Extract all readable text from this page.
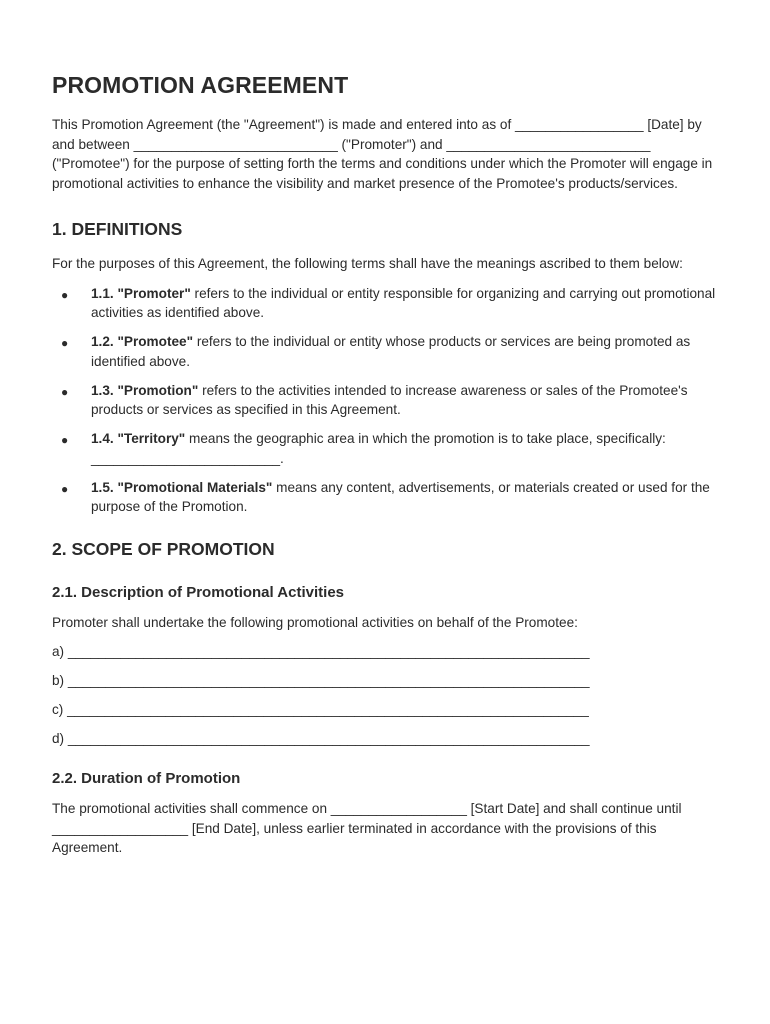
PROMOTION AGREEMENT

This Promotion Agreement (the "Agreement") is made and entered into as of _________________ [Date] by and between ___________________________ ("Promoter") and ___________________________ ("Promotee") for the purpose of setting forth the terms and conditions under which the Promoter will engage in promotional activities to enhance the visibility and market presence of the Promotee's products/services.

1. DEFINITIONS

For the purposes of this Agreement, the following terms shall have the meanings ascribed to them below:

● 1.1. "Promoter" refers to the individual or entity responsible for organizing and carrying out promotional activities as identified above.
● 1.2. "Promotee" refers to the individual or entity whose products or services are being promoted as identified above.
● 1.3. "Promotion" refers to the activities intended to increase awareness or sales of the Promotee's products or services as specified in this Agreement.
● 1.4. "Territory" means the geographic area in which the promotion is to take place, specifically: _________________________.
● 1.5. "Promotional Materials" means any content, advertisements, or materials created or used for the purpose of the Promotion.
2. SCOPE OF PROMOTION
2.1. Description of Promotional Activities

Promoter shall undertake the following promotional activities on behalf of the Promotee:

a) _____________________________________________________________________
b) _____________________________________________________________________
c) _____________________________________________________________________
d) _____________________________________________________________________
2.2. Duration of Promotion

The promotional activities shall commence on __________________ [Start Date] and shall continue until __________________ [End Date], unless earlier terminated in accordance with the provisions of this Agreement.
